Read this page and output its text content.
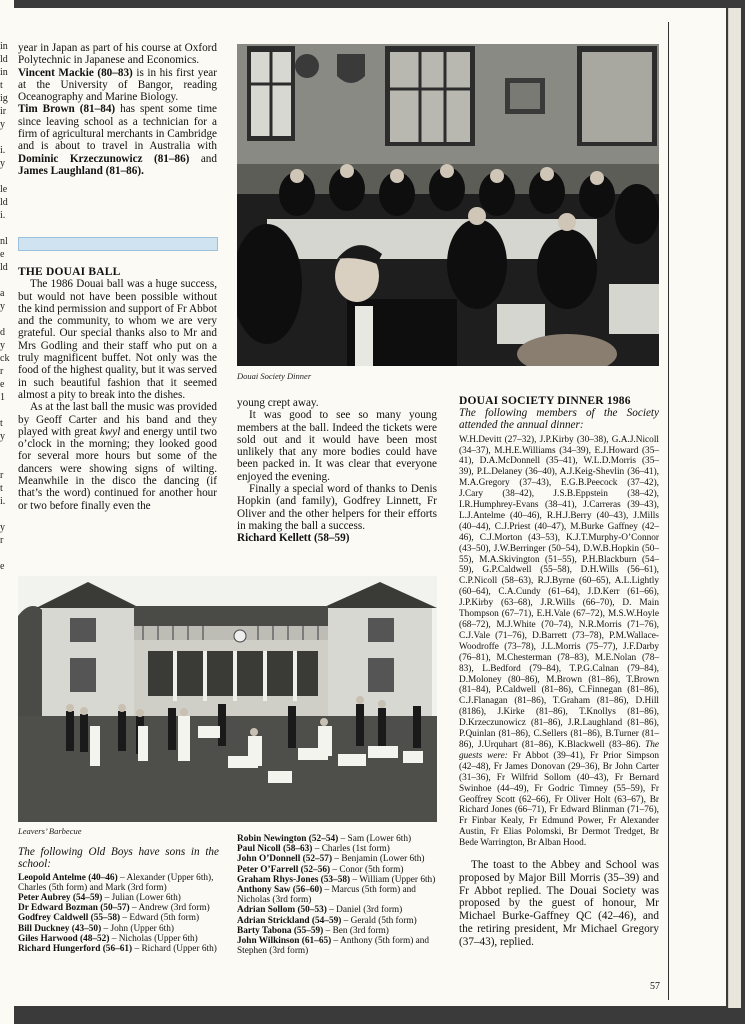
in
ld
in
t
ig
ir
y

i.
y

le
ld
i.

nl
e
ld

a
y

d
y
ck
r
e
1

t
y

r
t
i.

y
r

e

year in Japan as part of his course at Oxford Polytechnic in Japanese and Economics.

Vincent Mackie (80–83) is in his first year at the University of Bangor, reading Oceanography and Marine Biology.

Tim Brown (81–84) has spent some time since leaving school as a technician for a firm of agricultural merchants in Cambridge and is about to travel in Australia with Dominic Krzeczunowicz (81–86) and James Laughland (81–86).

THE DOUAI BALL

The 1986 Douai ball was a huge success, but would not have been possible without the kind permission and support of Fr Abbot and the community, to whom we are very grateful. Our special thanks also to Mr and Mrs Godling and their staff who put on a truly magnificent buffet. Not only was the food of the highest quality, but it was served in such beautiful fashion that it seemed almost a pity to break into the dishes.

As at the last ball the music was provided by Geoff Carter and his band and they played with great kwyl and energy until two o’clock in the morning; they looked good for several more hours but some of the dancers were showing signs of wilting. Meanwhile in the disco the dancing (if that’s the word) continued for another hour or two before finally even the

Douai Society Dinner

young crept away.

It was good to see so many young members at the ball. Indeed the tickets were sold out and it would have been most unlikely that any more bodies could have been packed in. It was clear that everyone enjoyed the evening.

Finally a special word of thanks to Denis Hopkin (and family), Godfrey Linnett, Fr Oliver and the other helpers for their efforts in making the ball a success.

Richard Kellett (58–59)

DOUAI SOCIETY DINNER 1986
The following members of the Society attended the annual dinner:
W.H.Devitt (27–32), J.P.Kirby (30–38), G.A.J.Nicoll (34–37), M.H.E.Williams (34–39), E.J.Howard (35–41), D.A.McDonnell (35–41), W.L.D.Morris (35–39), P.L.Delaney (36–40), A.J.Keig-Shevlin (36–41), M.A.Gregory (37–43), E.G.B.Peecock (37–42), J.Cary (38–42), J.S.B.Eppstein (38–42), I.R.Humphrey-Evans (38–41), J.Carreras (39–43), L.J.Antelme (40–46), R.H.J.Berry (40–43), J.Mills (40–44), C.J.Priest (40–47), M.Burke Gaffney (42–46), C.J.Morton (43–53), K.J.T.Murphy-O’Connor (43–50), J.W.Berringer (50–54), D.W.B.Hopkin (50–55), M.A.Skivington (51–55), P.H.Blackburn (54–59), G.P.Caldwell (55–58), D.H.Wills (56–61), C.P.Nicoll (58–63), R.J.Byrne (60–65), A.L.Lightly (60–64), C.A.Cundy (61–64), J.D.Kerr (61–66), J.P.Kirby (63–68), J.R.Wills (66–70), D. Main Thompson (67–71), E.H.Vale (67–72), M.S.W.Hoyle (68–72), M.J.White (70–74), N.R.Morris (71–76), C.J.Vale (71–76), D.Barrett (73–78), P.M.Wallace-Woodroffe (73–78), J.L.Morris (75–77), J.F.Darby (76–81), M.Chesterman (78–83), M.E.Nolan (78–83), L.Bedford (79–84), T.P.G.Calnan (79–84), D.Moloney (80–86), M.Brown (81–86), T.Brown (81–84), P.Caldwell (81–86), C.Finnegan (81–86), C.J.Flanagan (81–86), T.Graham (81–86), D.Hill (8186), J.Kirke (81–86), T.Knollys (81–86), D.Krzeczunowicz (81–86), J.R.Laughland (81–86), P.Quinlan (81–86), C.Sellers (81–86), B.Turner (81–86), J.Urquhart (81–86), K.Blackwell (83–86). The guests were: Fr Abbot (39–41), Fr Prior Simpson (42–48), Fr James Donovan (29–36), Br John Carter (31–36), Fr Wilfrid Sollom (40–43), Fr Bernard Swinhoe (44–49), Fr Godric Timney (55–59), Fr Geoffrey Scott (62–66), Fr Oliver Holt (63–67), Br Richard Jones (66–71), Fr Edward Blinman (71–76), Fr Finbar Kealy, Fr Edmund Power, Fr Alexander Austin, Fr Elias Polomski, Br Dermot Tredget, Br Bede Warrington, Br Alban Hood.
The toast to the Abbey and School was proposed by Major Bill Morris (35–39) and Fr Abbot replied. The Douai Society was proposed by the guest of honour, Mr Michael Burke-Gaffney QC (42–46), and the retiring president, Mr Michael Gregory (37–43), replied.
Leavers’ Barbecue
The following Old Boys have sons in the school:
Leopold Antelme (40–46) – Alexander (Upper 6th), Charles (5th form) and Mark (3rd form)
Peter Aubrey (54–59) – Julian (Lower 6th)
Dr Edward Bozman (50–57) – Andrew (3rd form)
Godfrey Caldwell (55–58) – Edward (5th form)
Bill Duckney (43–50) – John (Upper 6th)
Giles Harwood (48–52) – Nicholas (Upper 6th)
Richard Hungerford (56–61) – Richard (Upper 6th)
Robin Newington (52–54) – Sam (Lower 6th)
Paul Nicoll (58–63) – Charles (1st form)
John O’Donnell (52–57) – Benjamin (Lower 6th)
Peter O’Farrell (52–56) – Conor (5th form)
Graham Rhys-Jones (53–58) – William (Upper 6th)
Anthony Saw (56–60) – Marcus (5th form) and Nicholas (3rd form)
Adrian Sollom (50–53) – Daniel (3rd form)
Adrian Strickland (54–59) – Gerald (5th form)
Barty Tabona (55–59) – Ben (3rd form)
John Wilkinson (61–65) – Anthony (5th form) and Stephen (3rd form)
57
